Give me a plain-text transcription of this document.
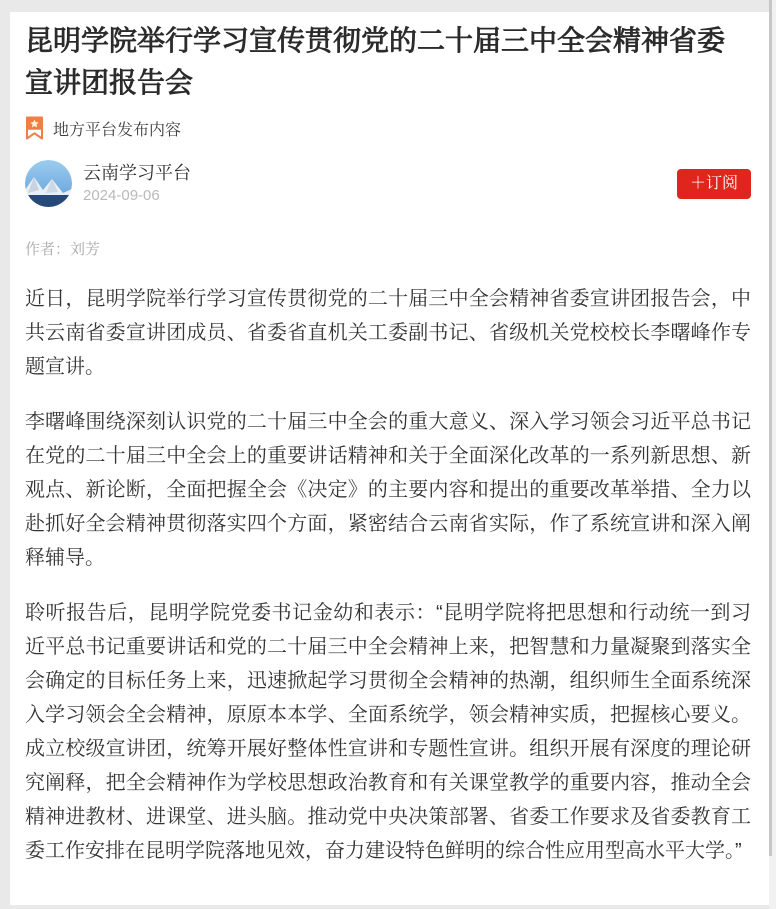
昆明学院举行学习宣传贯彻党的二十届三中全会精神省委宣讲团报告会
地方平台发布内容
云南学习平台
2024-09-06
＋订阅
作者：刘芳

近日，昆明学院举行学习宣传贯彻党的二十届三中全会精神省委宣讲团报告会，中共云南省委宣讲团成员、省委省直机关工委副书记、省级机关党校校长李曙峰作专题宣讲。

李曙峰围绕深刻认识党的二十届三中全会的重大意义、深入学习领会习近平总书记在党的二十届三中全会上的重要讲话精神和关于全面深化改革的一系列新思想、新观点、新论断，全面把握全会《决定》的主要内容和提出的重要改革举措、全力以赴抓好全会精神贯彻落实四个方面，紧密结合云南省实际，作了系统宣讲和深入阐释辅导。

聆听报告后，昆明学院党委书记金幼和表示：“昆明学院将把思想和行动统一到习近平总书记重要讲话和党的二十届三中全会精神上来，把智慧和力量凝聚到落实全会确定的目标任务上来，迅速掀起学习贯彻全会精神的热潮，组织师生全面系统深入学习领会全会精神，原原本本学、全面系统学，领会精神实质，把握核心要义。成立校级宣讲团，统筹开展好整体性宣讲和专题性宣讲。组织开展有深度的理论研究阐释，把全会精神作为学校思想政治教育和有关课堂教学的重要内容，推动全会精神进教材、进课堂、进头脑。推动党中央决策部署、省委工作要求及省委教育工委工作安排在昆明学院落地见效，奋力建设特色鲜明的综合性应用型高水平大学。”
